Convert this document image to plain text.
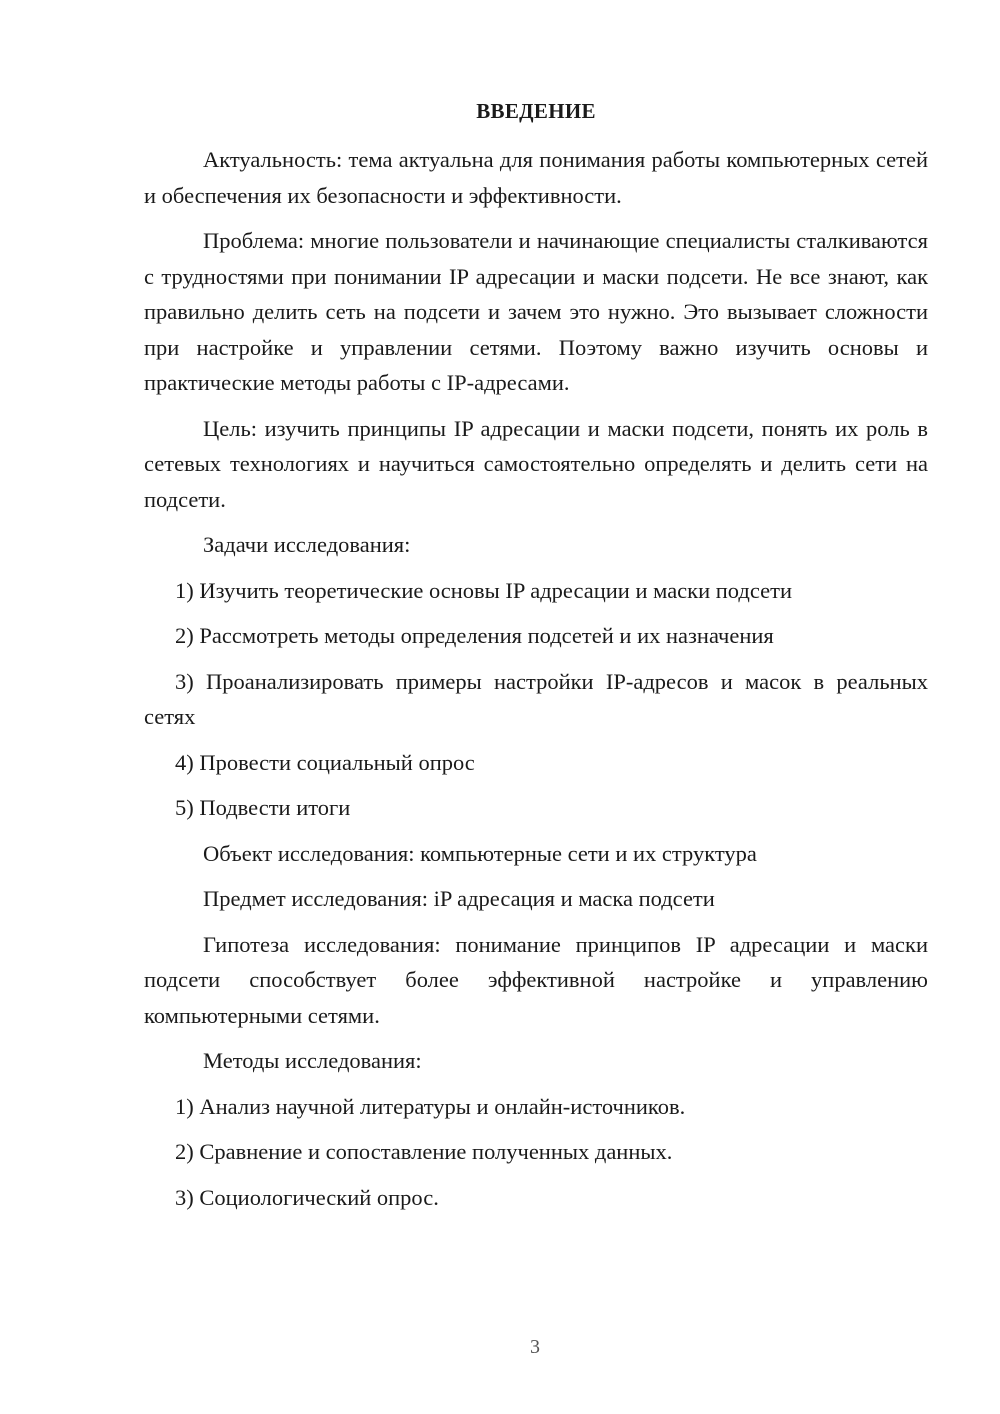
ВВЕДЕНИЕ

Актуальность: тема актуальна для понимания работы компьютерных сетей и обеспечения их безопасности и эффективности.

Проблема: многие пользователи и начинающие специалисты сталкиваются с трудностями при понимании IP адресации и маски подсети. Не все знают, как правильно делить сеть на подсети и зачем это нужно. Это вызывает сложности при настройке и управлении сетями. Поэтому важно изучить основы и практические методы работы с IP-адресами.

Цель: изучить принципы IP адресации и маски подсети, понять их роль в сетевых технологиях и научиться самостоятельно определять и делить сети на подсети.

Задачи исследования:

1) Изучить теоретические основы IP адресации и маски подсети

2) Рассмотреть методы определения подсетей и их назначения

3) Проанализировать примеры настройки IP-адресов и масок в реальных сетях

4) Провести социальный опрос

5) Подвести итоги

Объект исследования: компьютерные сети и их структура

Предмет исследования: iP адресация и маска подсети

Гипотеза исследования: понимание принципов IP адресации и маски подсети способствует более эффективной настройке и управлению компьютерными сетями.

Методы исследования:

1) Анализ научной литературы и онлайн-источников.

2) Сравнение и сопоставление полученных данных.

3) Социологический опрос.

3
